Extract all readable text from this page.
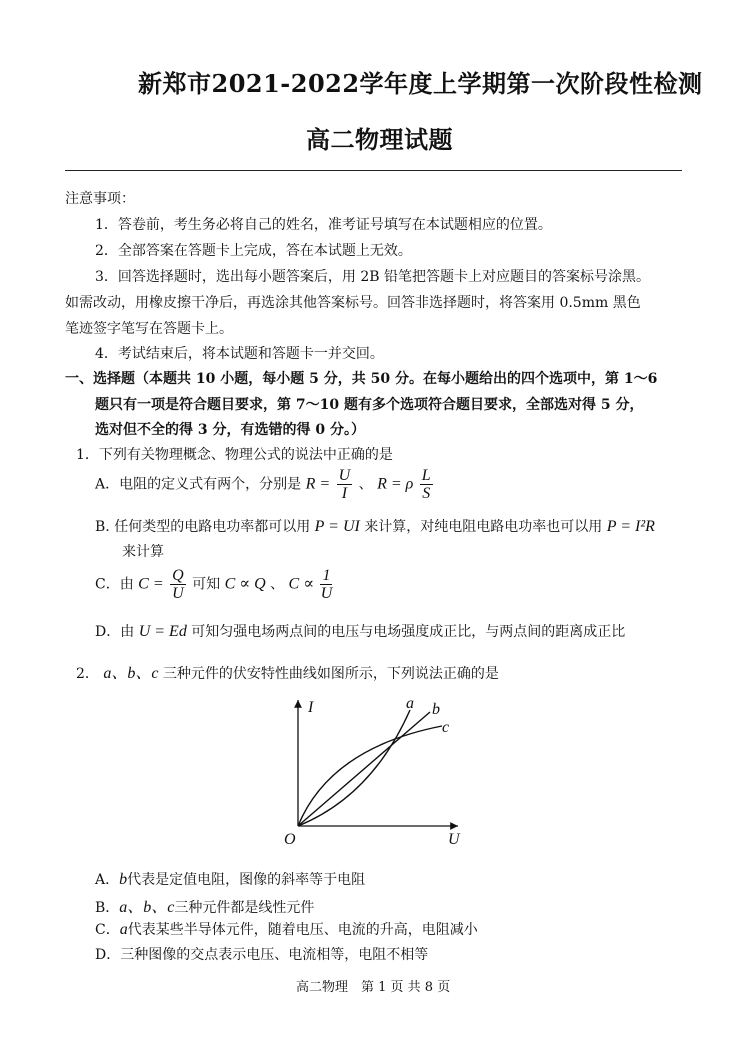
新郑市2021-2022学年度上学期第一次阶段性检测
高二物理试题
注意事项：
1．答卷前，考生务必将自己的姓名，准考证号填写在本试题相应的位置。
2．全部答案在答题卡上完成，答在本试题上无效。
3．回答选择题时，选出每小题答案后，用 2B 铅笔把答题卡上对应题目的答案标号涂黑。
如需改动，用橡皮擦干净后，再选涂其他答案标号。回答非选择题时，将答案用 0.5mm 黑色
笔迹签字笔写在答题卡上。
4．考试结束后，将本试题和答题卡一并交回。
一、选择题（本题共 10 小题，每小题 5 分，共 50 分。在每小题给出的四个选项中，第 1～6
题只有一项是符合题目要求，第 7～10 题有多个选项符合题目要求，全部选对得 5 分，
选对但不全的得 3 分，有选错的得 0 分。）
1．下列有关物理概念、物理公式的说法中正确的是
A．电阻的定义式有两个，分别是 $R = \frac{U}{I}$ 、 R = ρ $\frac{L}{S}$
B. 任何类型的电路电功率都可以用 P = UI 来计算，对纯电阻电路电功率也可以用 P = I²R
来计算
C．由 $C = \frac{Q}{U}$ 可知 C ∝ Q 、 $C \propto \frac{1}{U}$
D．由 U = Ed 可知匀强电场两点间的电压与电场强度成正比，与两点间的距离成正比
2． a、b、c 三种元件的伏安特性曲线如图所示，下列说法正确的是
I
U
O
a b
c
A．b代表是定值电阻，图像的斜率等于电阻
B．a、b、c三种元件都是线性元件
C．a代表某些半导体元件，随着电压、电流的升高，电阻减小
D．三种图像的交点表示电压、电流相等，电阻不相等
高二物理　第 1 页 共 8 页
